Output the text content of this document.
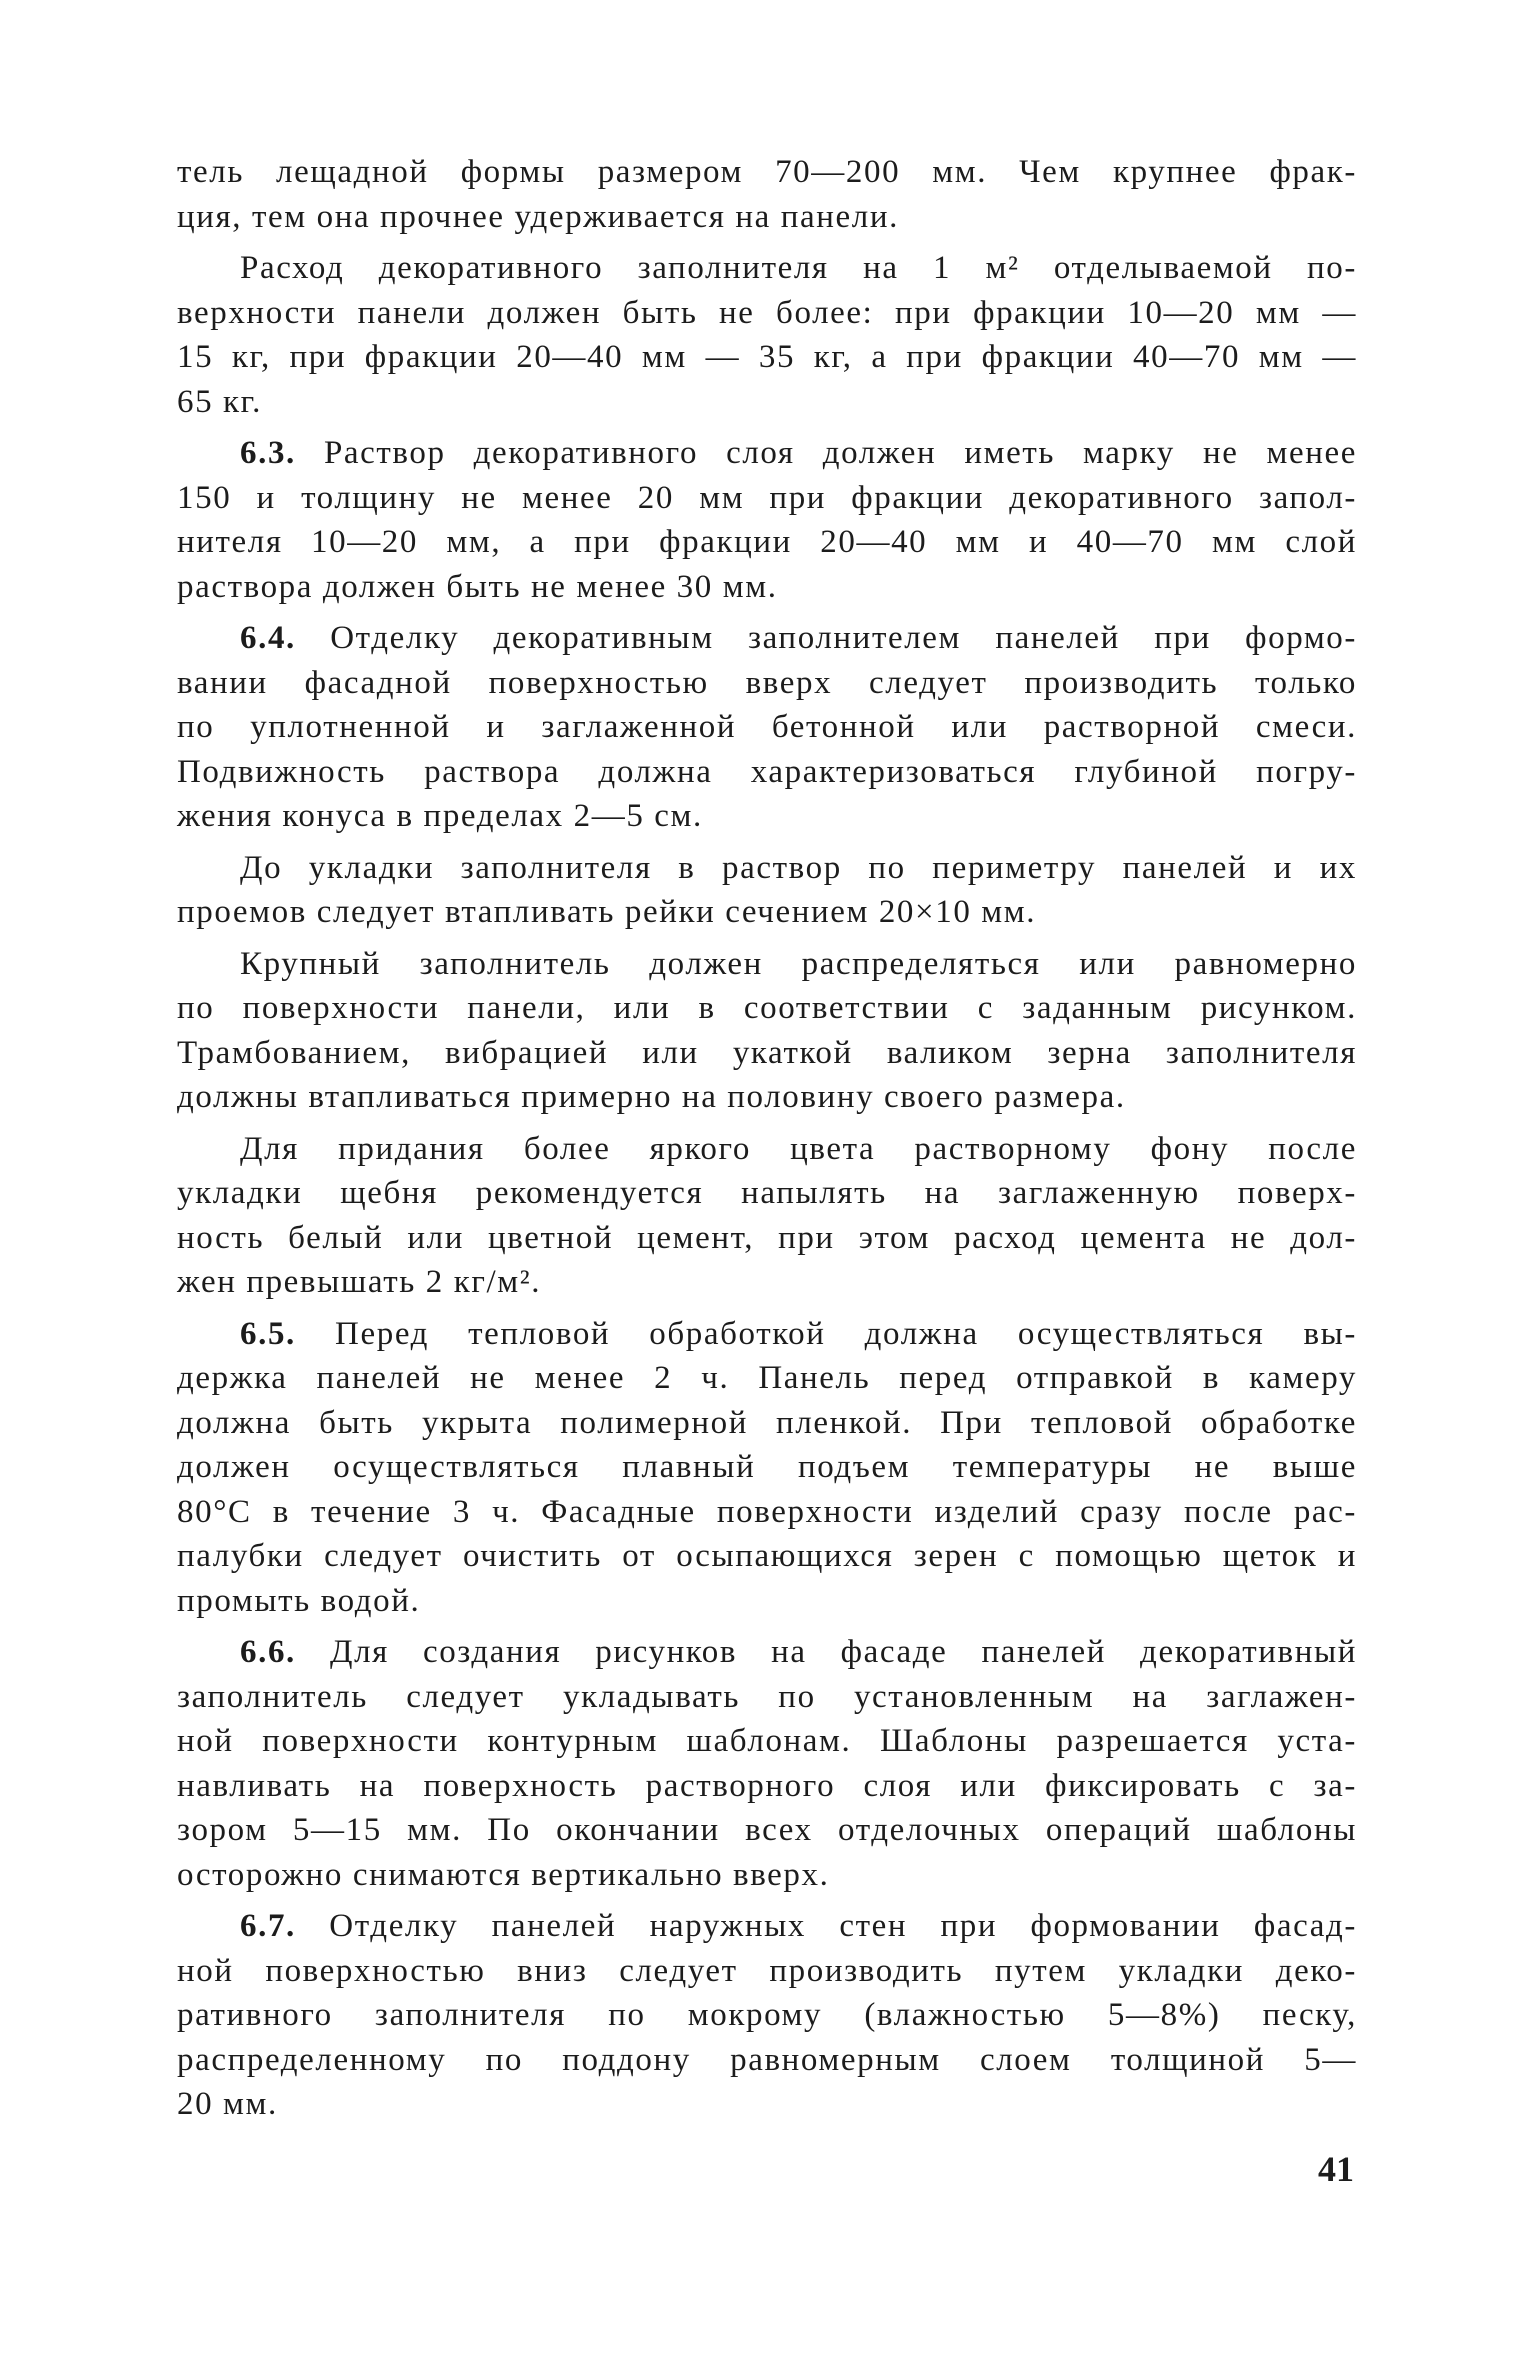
тель лещадной формы размером 70—200 мм. Чем крупнее фрак-
ция, тем она прочнее удерживается на панели.
Расход декоративного заполнителя на 1 м² отделываемой по-
верхности панели должен быть не более: при фракции 10—20 мм —
15 кг, при фракции 20—40 мм — 35 кг, а при фракции 40—70 мм —
65 кг.
6.3. Раствор декоративного слоя должен иметь марку не менее
150 и толщину не менее 20 мм при фракции декоративного запол-
нителя 10—20 мм, а при фракции 20—40 мм и 40—70 мм слой
раствора должен быть не менее 30 мм.
6.4. Отделку декоративным заполнителем панелей при формо-
вании фасадной поверхностью вверх следует производить только
по уплотненной и заглаженной бетонной или растворной смеси.
Подвижность раствора должна характеризоваться глубиной погру-
жения конуса в пределах 2—5 см.
До укладки заполнителя в раствор по периметру панелей и их
проемов следует втапливать рейки сечением 20×10 мм.
Крупный заполнитель должен распределяться или равномерно
по поверхности панели, или в соответствии с заданным рисунком.
Трамбованием, вибрацией или укаткой валиком зерна заполнителя
должны втапливаться примерно на половину своего размера.
Для придания более яркого цвета растворному фону после
укладки щебня рекомендуется напылять на заглаженную поверх-
ность белый или цветной цемент, при этом расход цемента не дол-
жен превышать 2 кг/м².
6.5. Перед тепловой обработкой должна осуществляться вы-
держка панелей не менее 2 ч. Панель перед отправкой в камеру
должна быть укрыта полимерной пленкой. При тепловой обработке
должен осуществляться плавный подъем температуры не выше
80°С в течение 3 ч. Фасадные поверхности изделий сразу после рас-
палубки следует очистить от осыпающихся зерен с помощью щеток и
промыть водой.
6.6. Для создания рисунков на фасаде панелей декоративный
заполнитель следует укладывать по установленным на заглажен-
ной поверхности контурным шаблонам. Шаблоны разрешается уста-
навливать на поверхность растворного слоя или фиксировать с за-
зором 5—15 мм. По окончании всех отделочных операций шаблоны
осторожно снимаются вертикально вверх.
6.7. Отделку панелей наружных стен при формовании фасад-
ной поверхностью вниз следует производить путем укладки деко-
ративного заполнителя по мокрому (влажностью 5—8%) песку,
распределенному по поддону равномерным слоем толщиной 5—
20 мм.
41
